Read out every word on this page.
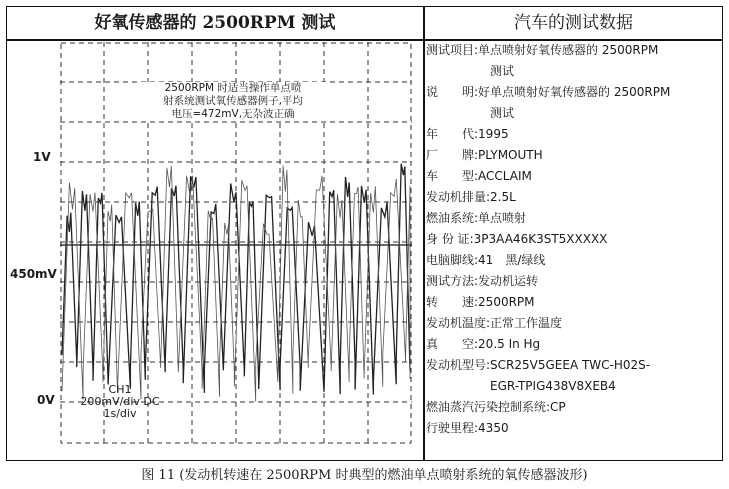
好氧传感器的 2500RPM 测试	汽车的测试数据
1V
450mV
0V
2500RPM 时适当操作单点喷
射系统测试氧传感器例子,平均
电压=472mV,无杂波正确
CH1
200mV/div DC
1s/div
测试项目:单点喷射好氧传感器的 2500RPM
测试
说　　明:好单点喷射好氧传感器的 2500RPM
测试
年　　代:1995
厂　　牌:PLYMOUTH
车　　型:ACCLAIM
发动机排量:2.5L
燃油系统:单点喷射
身 份 证:3P3AA46K3ST5XXXXX
电脑脚线:41　黑/绿线
测试方法:发动机运转
转　　速:2500RPM
发动机温度:正常工作温度
真　　空:20.5 In Hg
发动机型号:SCR25V5GEEA TWC-H02S-
EGR-TPIG438V8XEB4
燃油蒸汽污染控制系统:CP
行驶里程:4350
图 11 (发动机转速在 2500RPM 时典型的燃油单点喷射系统的氧传感器波形)
